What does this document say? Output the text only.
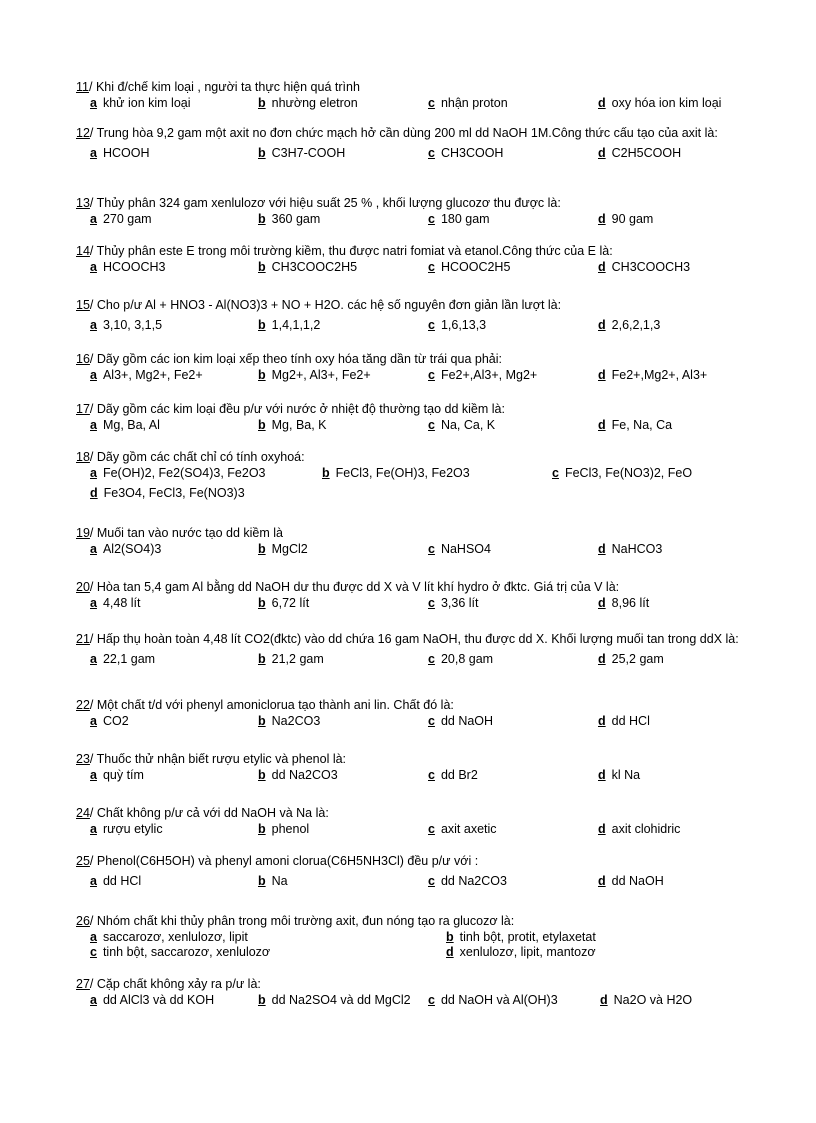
11/ Khi đ/chế kim loại , người ta thực hiện quá trình
a khử ion kim loại	b nhường eletron	c nhận proton	d oxy hóa ion kim loại
12/ Trung hòa 9,2 gam một axit no đơn chức mạch hở cần dùng 200 ml dd NaOH 1M.Công thức cấu tạo của axit là:
a HCOOH	b C3H7-COOH	c CH3COOH	d C2H5COOH
13/ Thủy phân 324 gam xenlulozơ với hiệu suất 25 % , khối lượng glucozơ thu được là:
a 270 gam	b 360 gam	c 180 gam	d 90 gam
14/ Thủy phân este E trong môi trường kiềm, thu được natri fomiat và etanol.Công thức của E là:
a HCOOCH3	b CH3COOC2H5	c HCOOC2H5	d CH3COOCH3
15/ Cho p/ư Al + HNO3 - Al(NO3)3 + NO + H2O. các hệ số nguyên đơn giản lần lượt là:
a 3,10, 3,1,5	b 1,4,1,1,2	c 1,6,13,3	d 2,6,2,1,3
16/ Dãy gồm các ion kim loại xếp theo tính oxy hóa tăng dần từ trái qua phải:
a Al3+, Mg2+, Fe2+	b Mg2+, Al3+, Fe2+	c Fe2+,Al3+, Mg2+	d Fe2+,Mg2+, Al3+
17/ Dãy gồm các kim loại đều p/ư với nước ở nhiệt độ thường tạo dd kiềm là:
a Mg, Ba, Al	b Mg, Ba, K	c Na, Ca, K	d Fe, Na, Ca
18/ Dãy gồm các chất chỉ có tính oxyhoá:
a Fe(OH)2, Fe2(SO4)3, Fe2O3	b FeCl3, Fe(OH)3, Fe2O3	c FeCl3, Fe(NO3)2, FeO
d Fe3O4, FeCl3, Fe(NO3)3
19/ Muối tan vào nước tạo dd kiềm là
a Al2(SO4)3	b MgCl2	c NaHSO4	d NaHCO3
20/ Hòa tan 5,4 gam Al bằng dd NaOH dư thu được dd X và V lít khí hydro ở đktc. Giá trị của V là:
a 4,48 lít	b 6,72 lít	c 3,36 lít	d 8,96 lít
21/ Hấp thụ hoàn toàn 4,48 lít CO2(đktc) vào dd chứa 16 gam NaOH, thu được dd X. Khối lượng muối tan trong ddX là:
a 22,1 gam	b 21,2 gam	c 20,8 gam	d 25,2 gam
22/ Một chất t/d với phenyl amoniclorua tạo thành ani lin. Chất đó là:
a CO2	b Na2CO3	c dd NaOH	d dd HCl
23/ Thuốc thử nhận biết rượu etylic và phenol là:
a quỳ tím	b dd Na2CO3	c dd Br2	d kl Na
24/ Chất không p/ư cả với dd NaOH và Na là:
a rượu etylic	b phenol	c axit axetic	d axit clohidric
25/ Phenol(C6H5OH) và phenyl amoni clorua(C6H5NH3Cl) đều p/ư với :
a dd HCl	b Na	c dd Na2CO3	d dd NaOH
26/ Nhóm chất khi thủy phân trong môi trường axit, đun nóng tạo ra glucozơ là:
a saccarozơ, xenlulozơ, lipit	b tinh bột, protit, etylaxetat
c tinh bột, saccarozơ, xenlulozơ	d xenlulozơ, lipit, mantozơ
27/ Cặp chất không xảy ra p/ư là:
a dd AlCl3 và dd KOH	b dd Na2SO4 và dd MgCl2 c dd NaOH và Al(OH)3	d Na2O và H2O
